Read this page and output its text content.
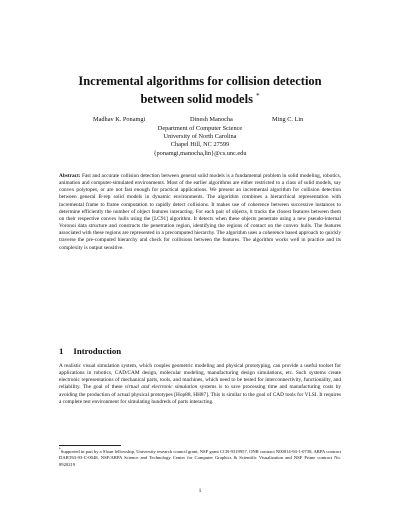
Incremental algorithms for collision detection
between solid models *
Madhav K. Ponamgi	Dinesh Manocha	Ming C. Lin
Department of Computer Science
University of North Carolina
Chapel Hill, NC 27599
{ponamgi,manocha,lin}@cs.unc.edu
Abstract: Fast and accurate collision detection between general solid models is a fundamental problem in solid modeling, robotics, animation and computer-simulated environments. Most of the earlier algorithms are either restricted to a class of solid models, say convex polytopes, or are not fast enough for practical applications. We present an incremental algorithm for collision detection between general B-rep solid models in dynamic environments. The algorithm combines a hierarchical representation with incremental frame to frame computation to rapidly detect collisions. It makes use of coherence between successive instances to determine efficiently the number of object features interacting. For each pair of objects, it tracks the closest features between them on their respective convex hulls using the [LC91] algorithm. It detects when these objects penetrate using a new pseudo-internal Voronoi data structure and constructs the penetration region, identifying the regions of contact on the convex hulls. The features associated with these regions are represented in a precomputed hierarchy. The algorithm uses a coherence based approach to quickly traverse the pre-computed hierarchy and check for collisions between the features. The algorithm works well in practice and its complexity is output sensitive.
1 Introduction
A realistic visual simulation system, which couples geometric modeling and physical prototyping, can provide a useful toolset for applications in robotics, CAD/CAM design, molecular modeling, manufacturing design simulations, etc. Such systems create electronic representations of mechanical parts, tools, and machines, which need to be tested for interconnectivity, functionality, and reliability. The goal of these virtual and electronic simulation systems is to save processing time and manufacturing costs by avoiding the production of actual physical prototypes [Hop88, HH87]. This is similar to the goal of CAD tools for VLSI. It requires a complete test environment for simulating hundreds of parts interacting.
*Supported in part by a Sloan fellowship, University research council grant, NSF grant CCR-9319957, ONR contract N00014-94-1-0738, ARPA contract DABT63-93-C-0048, NSF/ARPA Science and Technology Center for Computer Graphics & Scientific Visualization and NSF Prime contract No. 8920219
1
